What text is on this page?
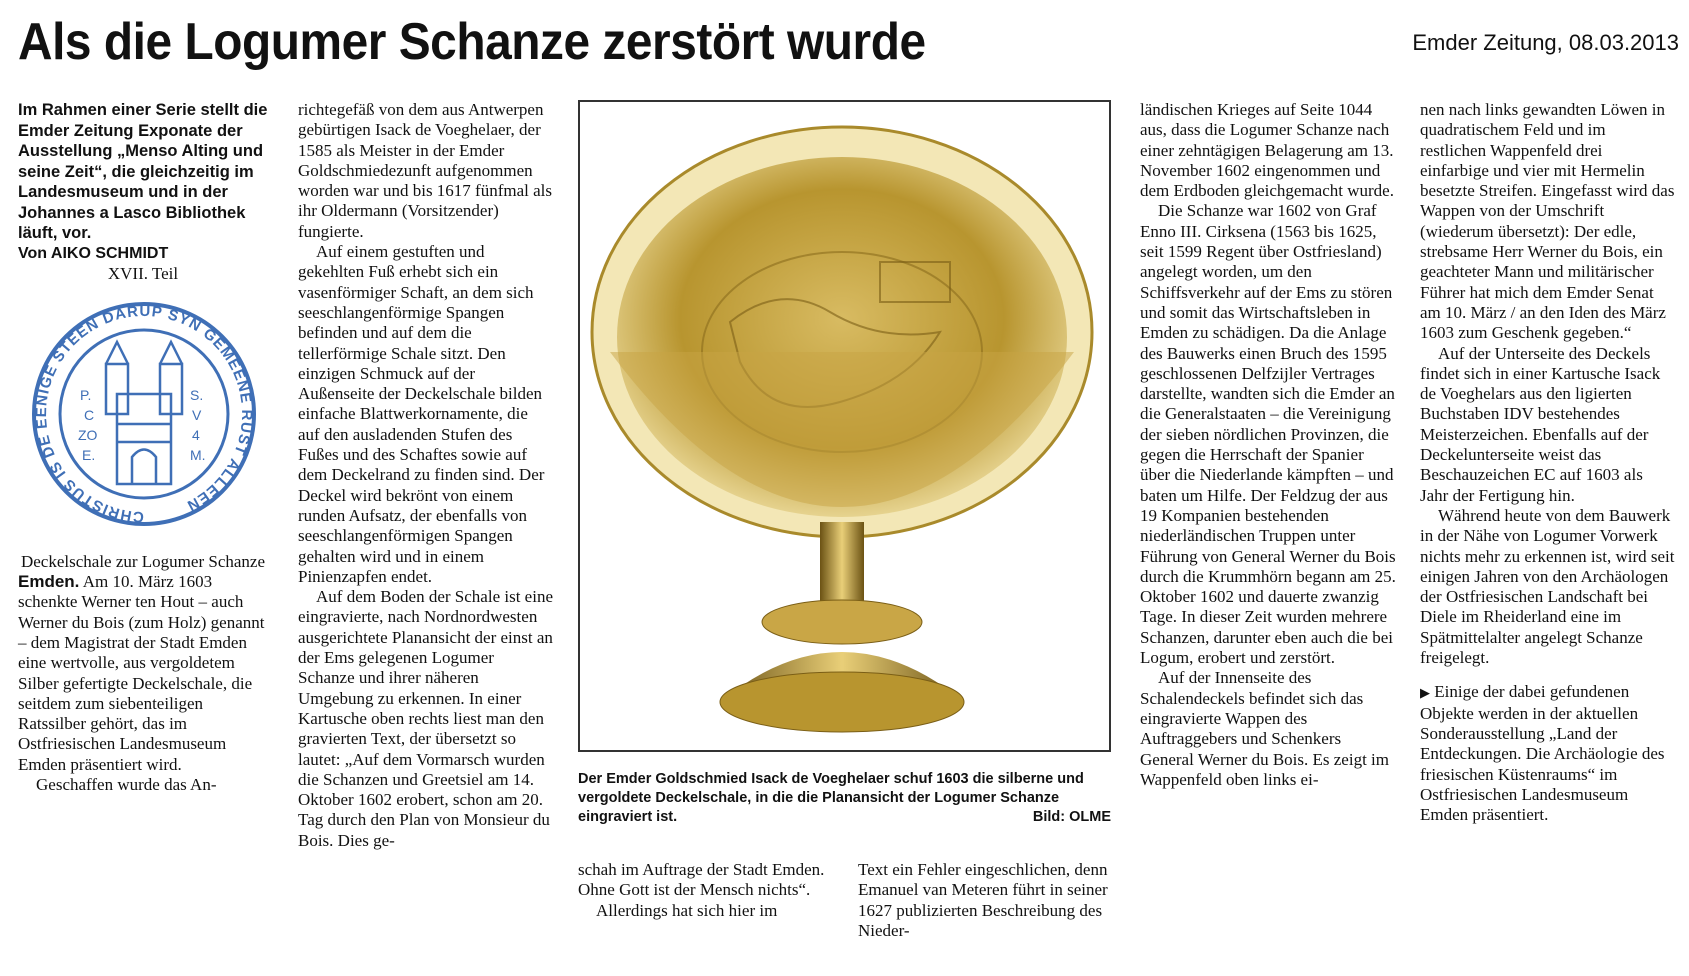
Als die Logumer Schanze zerstört wurde	Emder Zeitung, 08.03.2013

Im Rahmen einer Serie stellt die Emder Zeitung Exponate der Ausstellung „Menso Alting und seine Zeit“, die gleichzeitig im Landesmuseum und in der Johannes a Lasco Bibliothek läuft, vor.

Von AIKO SCHMIDT

XVII. Teil

CHRISTUS IS DE EENIGE STEEN DARUP SYN GEMEENE RUST ALLEEN
P.
C
ZO
E.
S.
V
4
M.

Deckelschale zur Logumer Schanze

Emden. Am 10. März 1603 schenkte Werner ten Hout – auch Werner du Bois (zum Holz) genannt – dem Magistrat der Stadt Emden eine wertvolle, aus vergoldetem Silber gefertigte Deckelschale, die seitdem zum siebenteiligen Ratssilber gehört, das im Ostfriesischen Landesmuseum Emden präsentiert wird.

Geschaffen wurde das An-

richtegefäß von dem aus Antwerpen gebürtigen Isack de Voeghelaer, der 1585 als Meister in der Emder Goldschmiedezunft aufgenommen worden war und bis 1617 fünfmal als ihr Oldermann (Vorsitzender) fungierte.

Auf einem gestuften und gekehlten Fuß erhebt sich ein vasenförmiger Schaft, an dem sich seeschlangenförmige Spangen befinden und auf dem die tellerförmige Schale sitzt. Den einzigen Schmuck auf der Außenseite der Deckelschale bilden einfache Blattwerkornamente, die auf den ausladenden Stufen des Fußes und des Schaftes sowie auf dem Deckelrand zu finden sind. Der Deckel wird bekrönt von einem runden Aufsatz, der ebenfalls von seeschlangenförmigen Spangen gehalten wird und in einem Pinienzapfen endet.

Auf dem Boden der Schale ist eine eingravierte, nach Nordnordwesten ausgerichtete Planansicht der einst an der Ems gelegenen Logumer Schanze und ihrer näheren Umgebung zu erkennen. In einer Kartusche oben rechts liest man den gravierten Text, der übersetzt so lautet: „Auf dem Vormarsch wurden die Schanzen und Greetsiel am 14. Oktober 1602 erobert, schon am 20. Tag durch den Plan von Monsieur du Bois. Dies ge-

Der Emder Goldschmied Isack de Voeghelaer schuf 1603 die silberne und vergoldete Deckelschale, in die die Planansicht der Logumer Schanze eingraviert ist.	Bild: OLME

schah im Auftrage der Stadt Emden. Ohne Gott ist der Mensch nichts“.

Allerdings hat sich hier im

Text ein Fehler eingeschlichen, denn Emanuel van Meteren führt in seiner 1627 publizierten Beschreibung des Nieder-

ländischen Krieges auf Seite 1044 aus, dass die Logumer Schanze nach einer zehntägigen Belagerung am 13. November 1602 eingenommen und dem Erdboden gleichgemacht wurde.

Die Schanze war 1602 von Graf Enno III. Cirksena (1563 bis 1625, seit 1599 Regent über Ostfriesland) angelegt worden, um den Schiffsverkehr auf der Ems zu stören und somit das Wirtschaftsleben in Emden zu schädigen. Da die Anlage des Bauwerks einen Bruch des 1595 geschlossenen Delfzijler Vertrages darstellte, wandten sich die Emder an die Generalstaaten – die Vereinigung der sieben nördlichen Provinzen, die gegen die Herrschaft der Spanier über die Niederlande kämpften – und baten um Hilfe. Der Feldzug der aus 19 Kompanien bestehenden niederländischen Truppen unter Führung von General Werner du Bois durch die Krummhörn begann am 25. Oktober 1602 und dauerte zwanzig Tage. In dieser Zeit wurden mehrere Schanzen, darunter eben auch die bei Logum, erobert und zerstört.

Auf der Innenseite des Schalendeckels befindet sich das eingravierte Wappen des Auftraggebers und Schenkers General Werner du Bois. Es zeigt im Wappenfeld oben links ei-

nen nach links gewandten Löwen in quadratischem Feld und im restlichen Wappenfeld drei einfarbige und vier mit Hermelin besetzte Streifen. Eingefasst wird das Wappen von der Umschrift (wiederum übersetzt): Der edle, strebsame Herr Werner du Bois, ein geachteter Mann und militärischer Führer hat mich dem Emder Senat am 10. März / an den Iden des März 1603 zum Geschenk gegeben.“

Auf der Unterseite des Deckels findet sich in einer Kartusche Isack de Voeghelars aus den ligierten Buchstaben IDV bestehendes Meisterzeichen. Ebenfalls auf der Deckelunterseite weist das Beschauzeichen EC auf 1603 als Jahr der Fertigung hin.

Während heute von dem Bauwerk in der Nähe von Logumer Vorwerk nichts mehr zu erkennen ist, wird seit einigen Jahren von den Archäologen der Ostfriesischen Landschaft bei Diele im Rheiderland eine im Spätmittelalter angelegt Schanze freigelegt.

▶ Einige der dabei gefundenen Objekte werden in der aktuellen Sonderausstellung „Land der Entdeckungen. Die Archäologie des friesischen Küstenraums“ im Ostfriesischen Landesmuseum Emden präsentiert.
